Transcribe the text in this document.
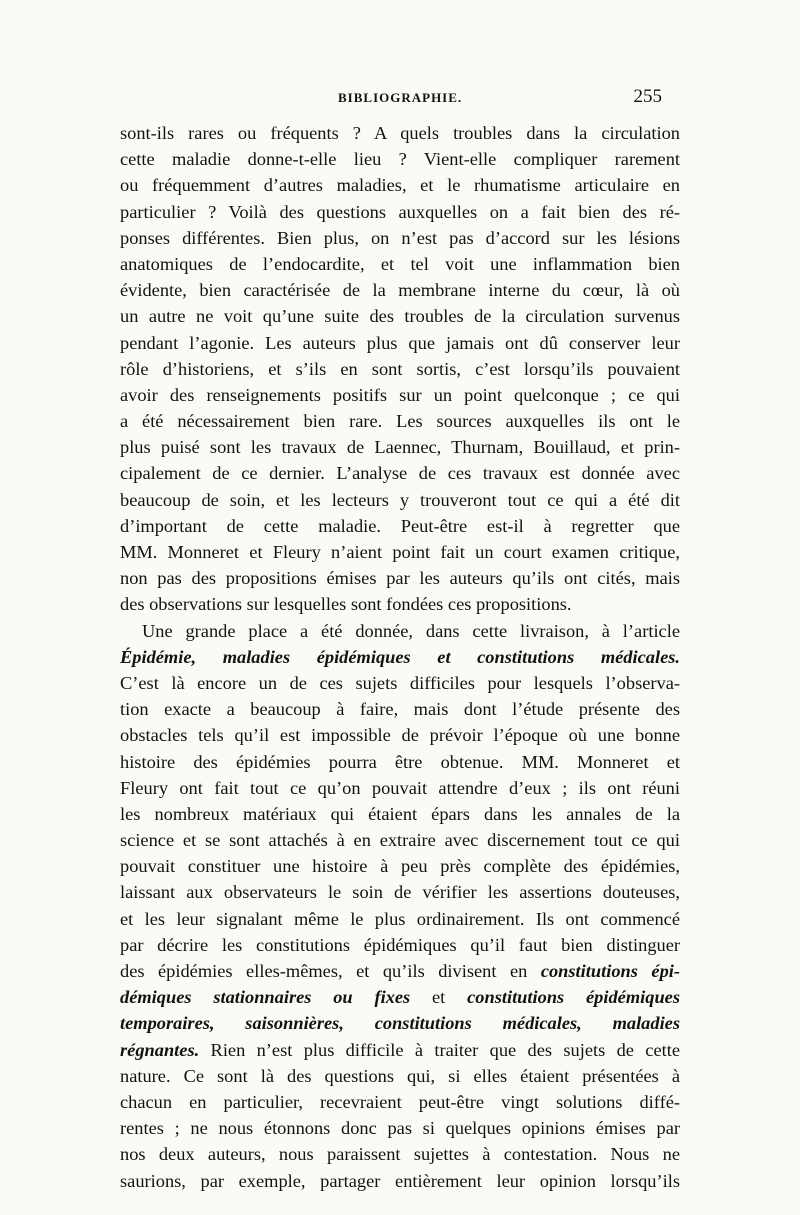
BIBLIOGRAPHIE.	255
sont-ils rares ou fréquents ? A quels troubles dans la circulation
cette maladie donne-t-elle lieu ? Vient-elle compliquer rarement
ou fréquemment d’autres maladies, et le rhumatisme articulaire en
particulier ? Voilà des questions auxquelles on a fait bien des ré-
ponses différentes. Bien plus, on n’est pas d’accord sur les lésions
anatomiques de l’endocardite, et tel voit une inflammation bien
évidente, bien caractérisée de la membrane interne du cœur, là où
un autre ne voit qu’une suite des troubles de la circulation survenus
pendant l’agonie. Les auteurs plus que jamais ont dû conserver leur
rôle d’historiens, et s’ils en sont sortis, c’est lorsqu’ils pouvaient
avoir des renseignements positifs sur un point quelconque ; ce qui
a été nécessairement bien rare. Les sources auxquelles ils ont le
plus puisé sont les travaux de Laennec, Thurnam, Bouillaud, et prin-
cipalement de ce dernier. L’analyse de ces travaux est donnée avec
beaucoup de soin, et les lecteurs y trouveront tout ce qui a été dit
d’important de cette maladie. Peut-être est-il à regretter que
MM. Monneret et Fleury n’aient point fait un court examen critique,
non pas des propositions émises par les auteurs qu’ils ont cités, mais
des observations sur lesquelles sont fondées ces propositions.
Une grande place a été donnée, dans cette livraison, à l’article
Épidémie, maladies épidémiques et constitutions médicales.
C’est là encore un de ces sujets difficiles pour lesquels l’observa-
tion exacte a beaucoup à faire, mais dont l’étude présente des
obstacles tels qu’il est impossible de prévoir l’époque où une bonne
histoire des épidémies pourra être obtenue. MM. Monneret et
Fleury ont fait tout ce qu’on pouvait attendre d’eux ; ils ont réuni
les nombreux matériaux qui étaient épars dans les annales de la
science et se sont attachés à en extraire avec discernement tout ce qui
pouvait constituer une histoire à peu près complète des épidémies,
laissant aux observateurs le soin de vérifier les assertions douteuses,
et les leur signalant même le plus ordinairement. Ils ont commencé
par décrire les constitutions épidémiques qu’il faut bien distinguer
des épidémies elles-mêmes, et qu’ils divisent en constitutions épi-
démiques stationnaires ou fixes et constitutions épidémiques
temporaires, saisonnières, constitutions médicales, maladies
régnantes. Rien n’est plus difficile à traiter que des sujets de cette
nature. Ce sont là des questions qui, si elles étaient présentées à
chacun en particulier, recevraient peut-être vingt solutions diffé-
rentes ; ne nous étonnons donc pas si quelques opinions émises par
nos deux auteurs, nous paraissent sujettes à contestation. Nous ne
saurions, par exemple, partager entièrement leur opinion lorsqu’ils
